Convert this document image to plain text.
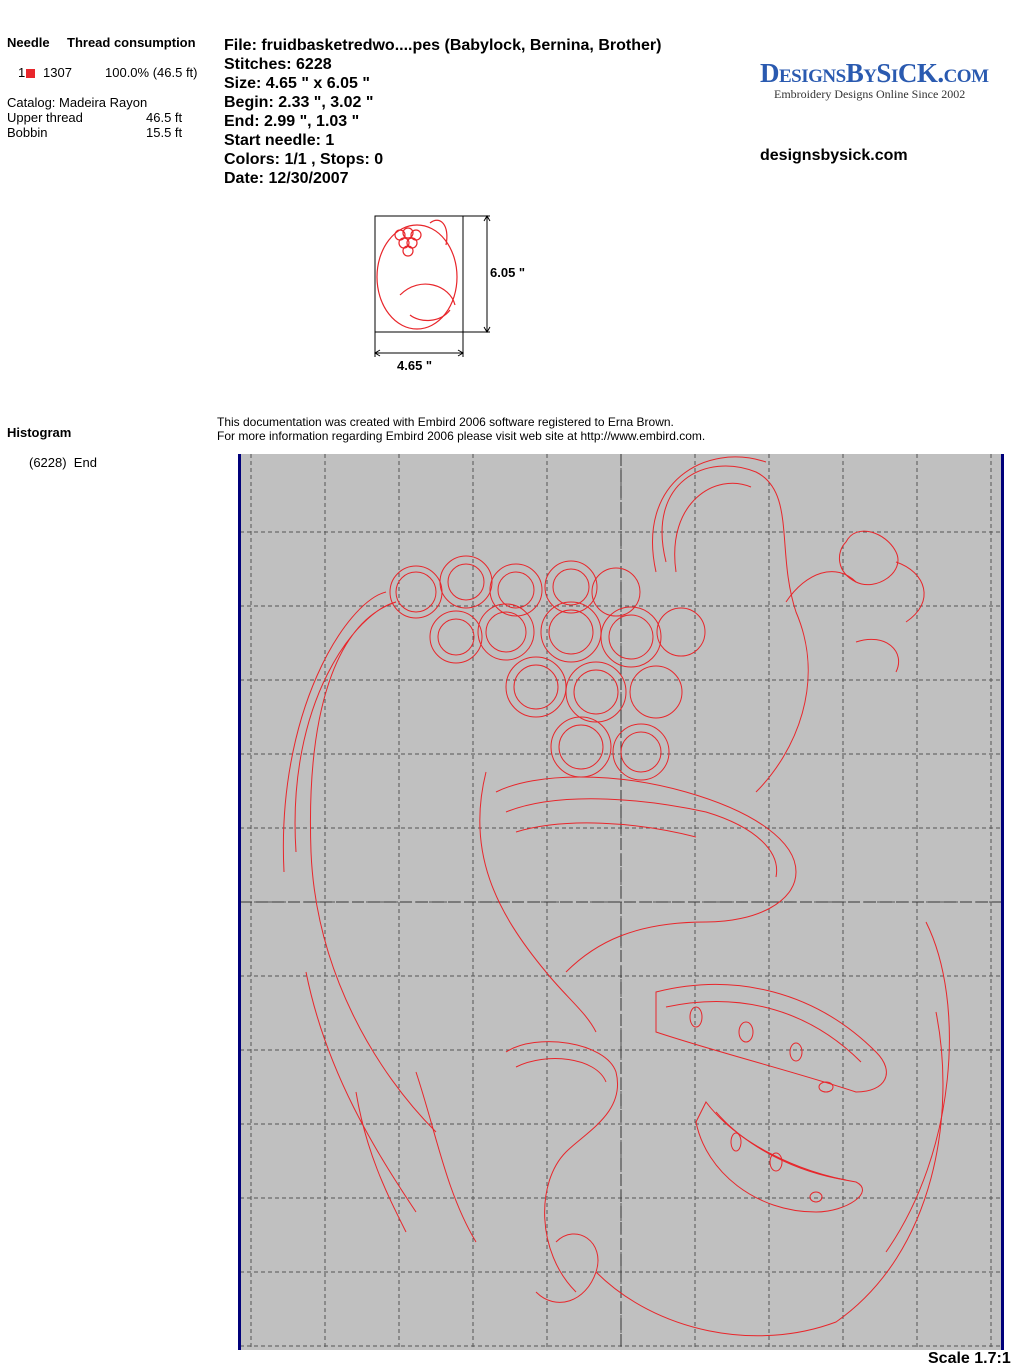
Needle Thread consumption
1	1307	100.0% (46.5 ft)
Catalog: Madeira Rayon
Upper thread	46.5 ft
Bobbin	15.5 ft
Histogram
(6228)  End
File: fruidbasketredwo....pes (Babylock, Bernina, Brother)
Stitches: 6228
Size: 4.65 " x 6.05 "
Begin: 2.33 ", 3.02 "
End: 2.99 ", 1.03 "
Start needle: 1
Colors: 1/1 , Stops: 0
Date: 12/30/2007
DesignsBySiCK.com
Embroidery Designs Online Since 2002
designsbysick.com
6.05 "
4.65 "
This documentation was created with Embird 2006 software registered to Erna Brown.
For more information regarding Embird 2006 please visit web site at http://www.embird.com.
Scale 1.7:1
